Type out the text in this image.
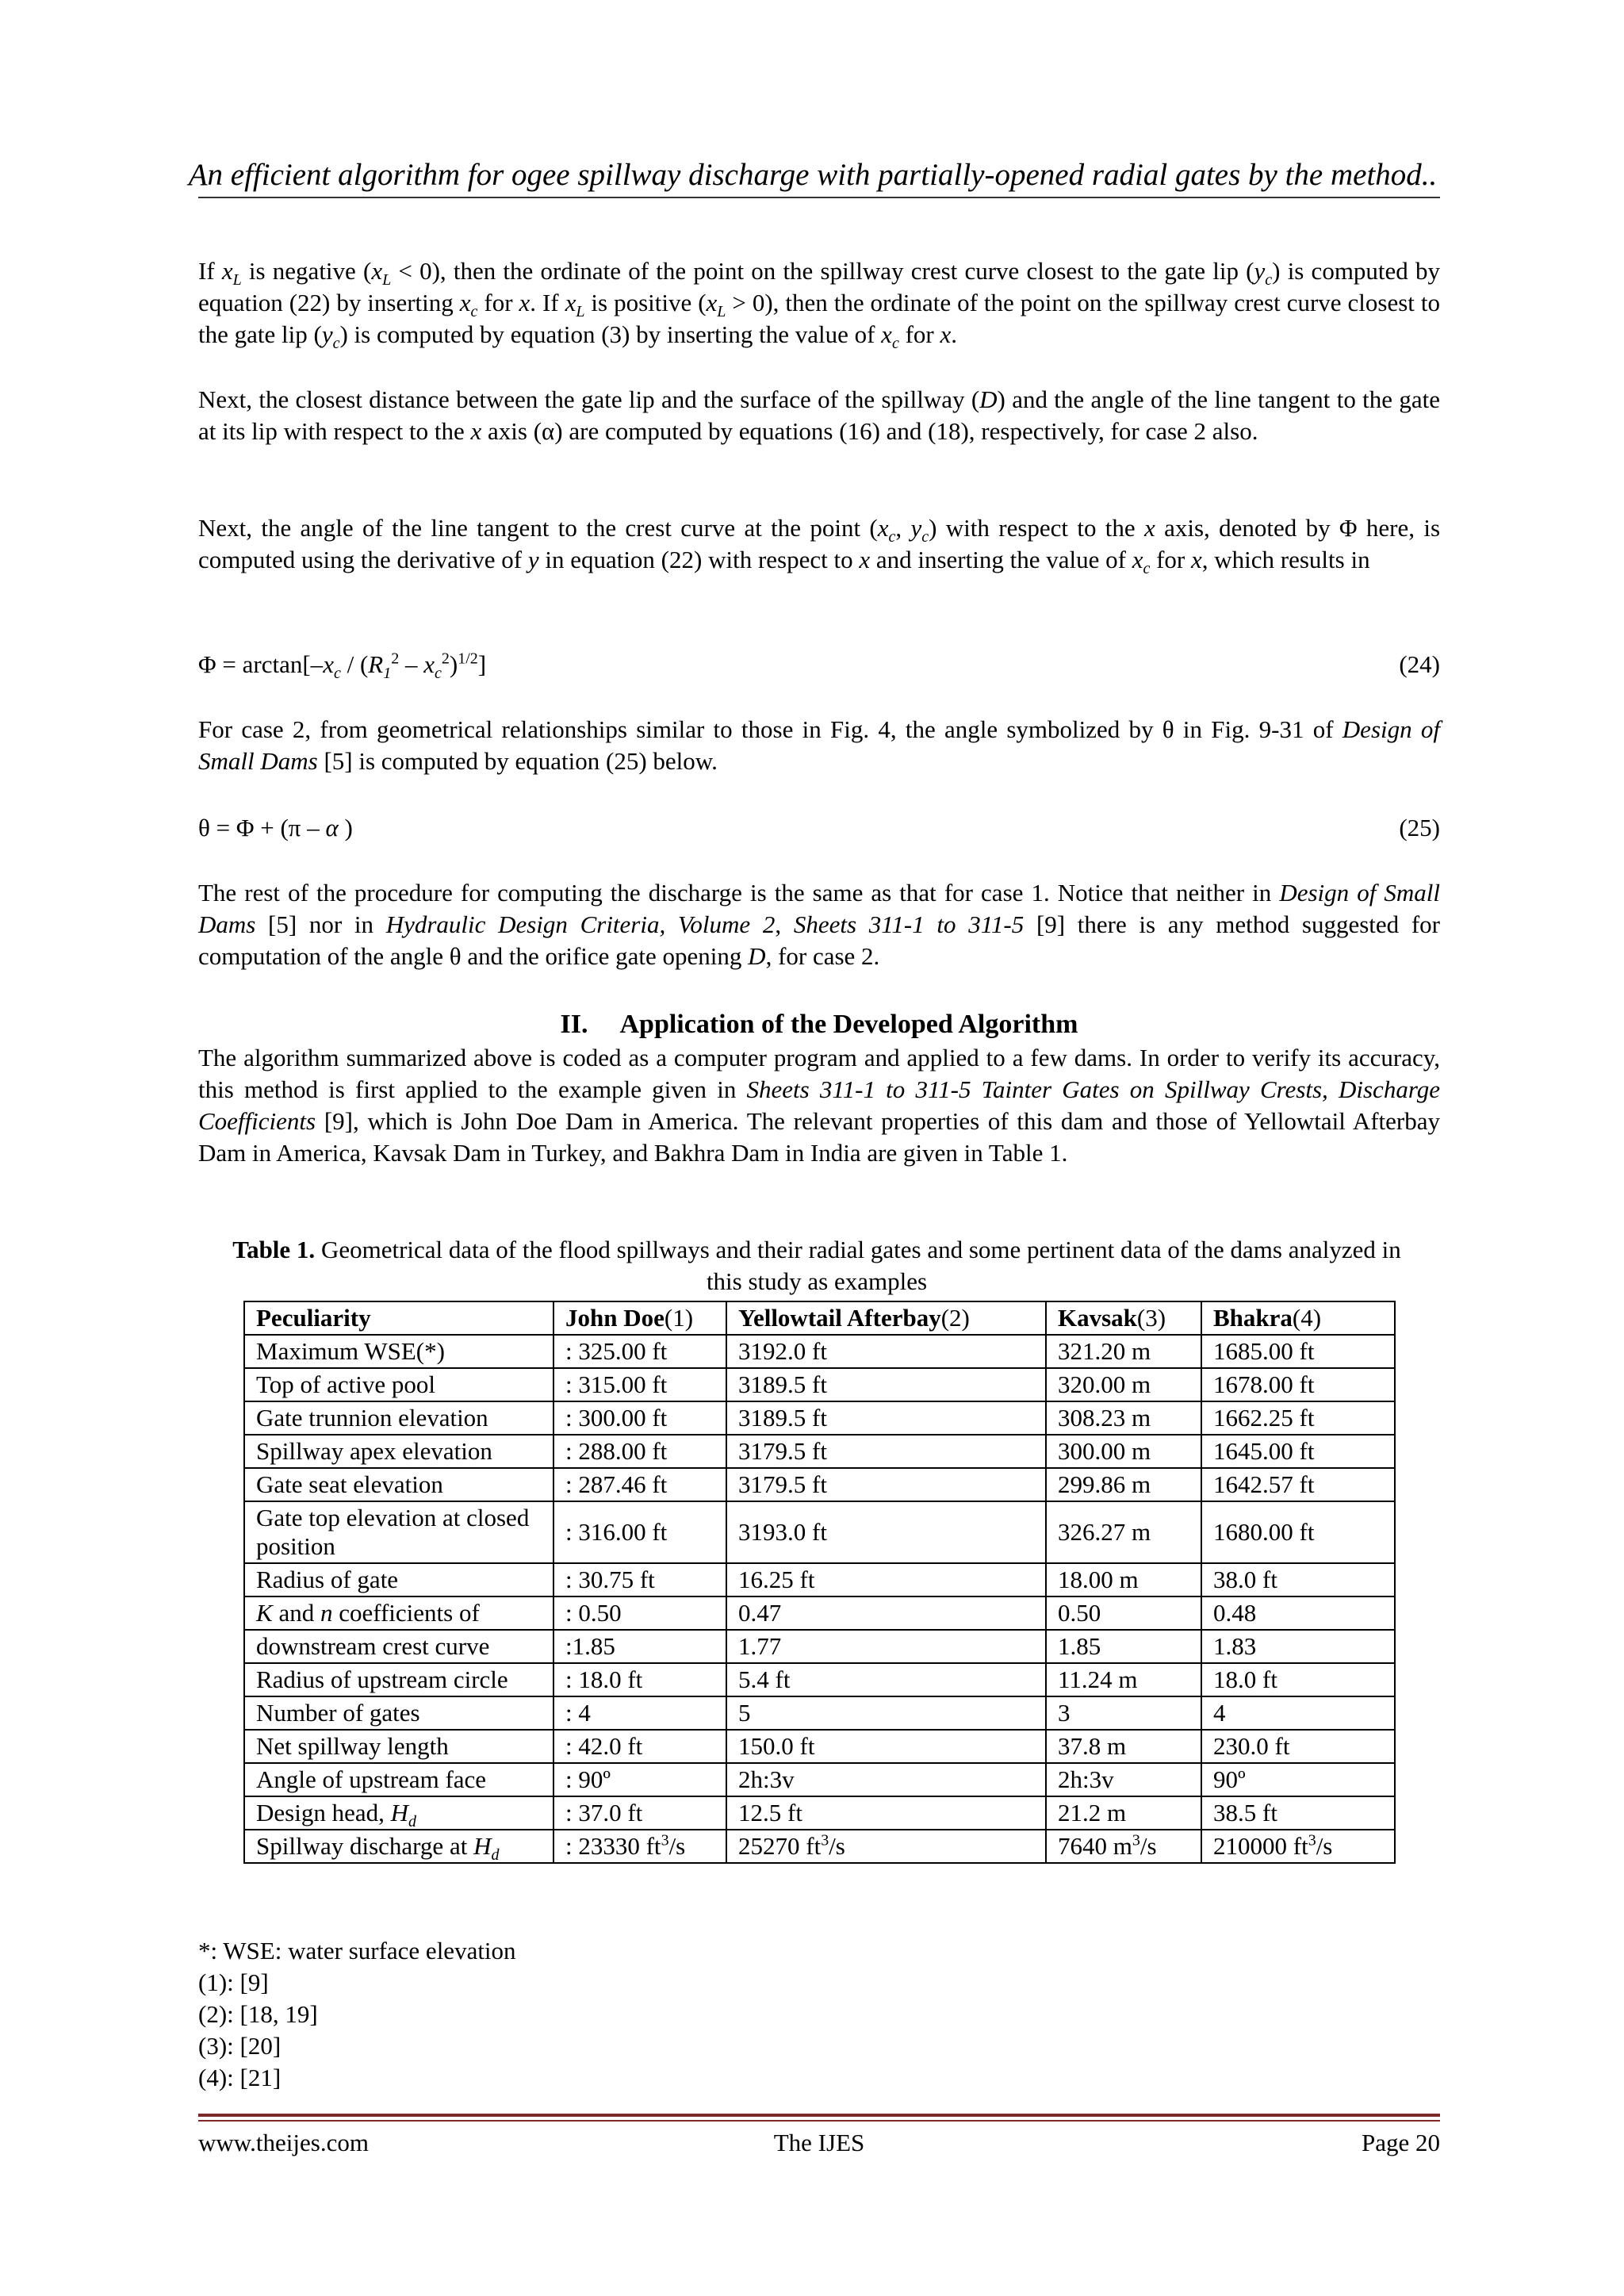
An efficient algorithm for ogee spillway discharge with partially-opened radial gates by the method..
If $x_L$ is negative $(x_L < 0)$, then the ordinate of the point on the spillway crest curve closest to the gate lip $(y_c)$ is computed by equation (22) by inserting $x_c$ for x. If $x_L$ is positive $(x_L > 0)$, then the ordinate of the point on the spillway crest curve closest to the gate lip $(y_c)$ is computed by equation (3) by inserting the value of $x_c$ for x.
Next, the closest distance between the gate lip and the surface of the spillway (D) and the angle of the line tangent to the gate at its lip with respect to the x axis (α) are computed by equations (16) and (18), respectively, for case 2 also.
Next, the angle of the line tangent to the crest curve at the point ($x_c$, $y_c$) with respect to the x axis, denoted by Φ here, is computed using the derivative of y in equation (22) with respect to x and inserting the value of $x_c$ for x, which results in
$\Phi = \arctan[-x_c / (R_1^2 - x_c^2)^{1/2}]$	(24)
For case 2, from geometrical relationships similar to those in Fig. 4, the angle symbolized by θ in Fig. 9-31 of Design of Small Dams [5] is computed by equation (25) below.
θ = Φ + (π – α )	(25)
The rest of the procedure for computing the discharge is the same as that for case 1. Notice that neither in Design of Small Dams [5] nor in Hydraulic Design Criteria, Volume 2, Sheets 311-1 to 311-5 [9] there is any method suggested for computation of the angle θ and the orifice gate opening D, for case 2.
II. Application of the Developed Algorithm
The algorithm summarized above is coded as a computer program and applied to a few dams. In order to verify its accuracy, this method is first applied to the example given in Sheets 311-1 to 311-5 Tainter Gates on Spillway Crests, Discharge Coefficients [9], which is John Doe Dam in America. The relevant properties of this dam and those of Yellowtail Afterbay Dam in America, Kavsak Dam in Turkey, and Bakhra Dam in India are given in Table 1.
Table 1. Geometrical data of the flood spillways and their radial gates and some pertinent data of the dams analyzed in this study as examples
Peculiarity	John Doe(1)	Yellowtail Afterbay(2)	Kavsak(3)	Bhakra(4)
Maximum WSE(*)	: 325.00 ft	3192.0 ft	321.20 m	1685.00 ft
Top of active pool	: 315.00 ft	3189.5 ft	320.00 m	1678.00 ft
Gate trunnion elevation	: 300.00 ft	3189.5 ft	308.23 m	1662.25 ft
Spillway apex elevation	: 288.00 ft	3179.5 ft	300.00 m	1645.00 ft
Gate seat elevation	: 287.46 ft	3179.5 ft	299.86 m	1642.57 ft
Gate top elevation at closed position	: 316.00 ft	3193.0 ft	326.27 m	1680.00 ft
Radius of gate	: 30.75 ft	16.25 ft	18.00 m	38.0 ft
K and n coefficients of	: 0.50	0.47	0.50	0.48
downstream crest curve	:1.85	1.77	1.85	1.83
Radius of upstream circle	: 18.0 ft	5.4 ft	11.24 m	18.0 ft
Number of gates	: 4	5	3	4
Net spillway length	: 42.0 ft	150.0 ft	37.8 m	230.0 ft
Angle of upstream face	: 90º	2h:3v	2h:3v	90º
Design head, $H_d$	: 37.0 ft	12.5 ft	21.2 m	38.5 ft
Spillway discharge at $H_d$	: 23330 $ft^3/s$	25270 $ft^3/s$	7640 $m^3/s$	210000 $ft^3/s$
*: WSE: water surface elevation
(1): [9]
(2): [18, 19]
(3): [20]
(4): [21]
www.theijes.com	The IJES	Page 20
